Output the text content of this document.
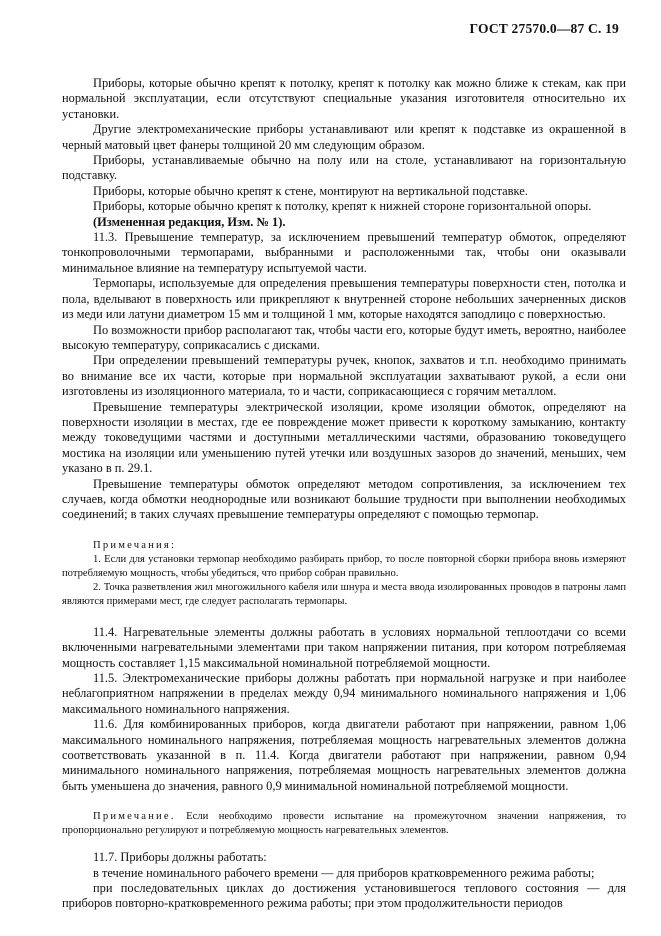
ГОСТ 27570.0—87 С. 19

Приборы, которые обычно крепят к потолку, крепят к потолку как можно ближе к стекам, как при нормальной эксплуатации, если отсутствуют специальные указания изготовителя относительно их установки.

Другие электромеханические приборы устанавливают или крепят к подставке из окрашенной в черный матовый цвет фанеры толщиной 20 мм следующим образом.

Приборы, устанавливаемые обычно на полу или на столе, устанавливают на горизонтальную подставку.

Приборы, которые обычно крепят к стене, монтируют на вертикальной подставке.

Приборы, которые обычно крепят к потолку, крепят к нижней стороне горизонтальной опоры.

(Измененная редакция, Изм. № 1).

11.3. Превышение температур, за исключением превышений температур обмоток, определяют тонкопроволочными термопарами, выбранными и расположенными так, чтобы они оказывали минимальное влияние на температуру испытуемой части.

Термопары, используемые для определения превышения температуры поверхности стен, потолка и пола, вделывают в поверхность или прикрепляют к внутренней стороне небольших зачерненных дисков из меди или латуни диаметром 15 мм и толщиной 1 мм, которые находятся заподлицо с поверхностью.

По возможности прибор располагают так, чтобы части его, которые будут иметь, вероятно, наиболее высокую температуру, соприкасались с дисками.

При определении превышений температуры ручек, кнопок, захватов и т.п. необходимо принимать во внимание все их части, которые при нормальной эксплуатации захватывают рукой, а если они изготовлены из изоляционного материала, то и части, соприкасающиеся с горячим металлом.

Превышение температуры электрической изоляции, кроме изоляции обмоток, определяют на поверхности изоляции в местах, где ее повреждение может привести к короткому замыканию, контакту между токоведущими частями и доступными металлическими частями, образованию токоведущего мостика на изоляции или уменьшению путей утечки или воздушных зазоров до значений, меньших, чем указано в п. 29.1.

Превышение температуры обмоток определяют методом сопротивления, за исключением тех случаев, когда обмотки неоднородные или возникают большие трудности при выполнении необходимых соединений; в таких случаях превышение температуры определяют с помощью термопар.

Примечания:

1. Если для установки термопар необходимо разбирать прибор, то после повторной сборки прибора вновь измеряют потребляемую мощность, чтобы убедиться, что прибор собран правильно.

2. Точка разветвления жил многожильного кабеля или шнура и места ввода изолированных проводов в патроны ламп являются примерами мест, где следует располагать термопары.

11.4. Нагревательные элементы должны работать в условиях нормальной теплоотдачи со всеми включенными нагревательными элементами при таком напряжении питания, при котором потребляемая мощность составляет 1,15 максимальной номинальной потребляемой мощности.

11.5. Электромеханические приборы должны работать при нормальной нагрузке и при наиболее неблагоприятном напряжении в пределах между 0,94 минимального номинального напряжения и 1,06 максимального номинального напряжения.

11.6. Для комбинированных приборов, когда двигатели работают при напряжении, равном 1,06 максимального номинального напряжения, потребляемая мощность нагревательных элементов должна соответствовать указанной в п. 11.4. Когда двигатели работают при напряжении, равном 0,94 минимального номинального напряжения, потребляемая мощность нагревательных элементов должна быть уменьшена до значения, равного 0,9 минимальной номинальной потребляемой мощности.

Примечание. Если необходимо провести испытание на промежуточном значении напряжения, то пропорционально регулируют и потребляемую мощность нагревательных элементов.

11.7. Приборы должны работать:

в течение номинального рабочего времени — для приборов кратковременного режима работы;

при последовательных циклах до достижения установившегося теплового состояния — для приборов повторно-кратковременного режима работы; при этом продолжительности периодов
